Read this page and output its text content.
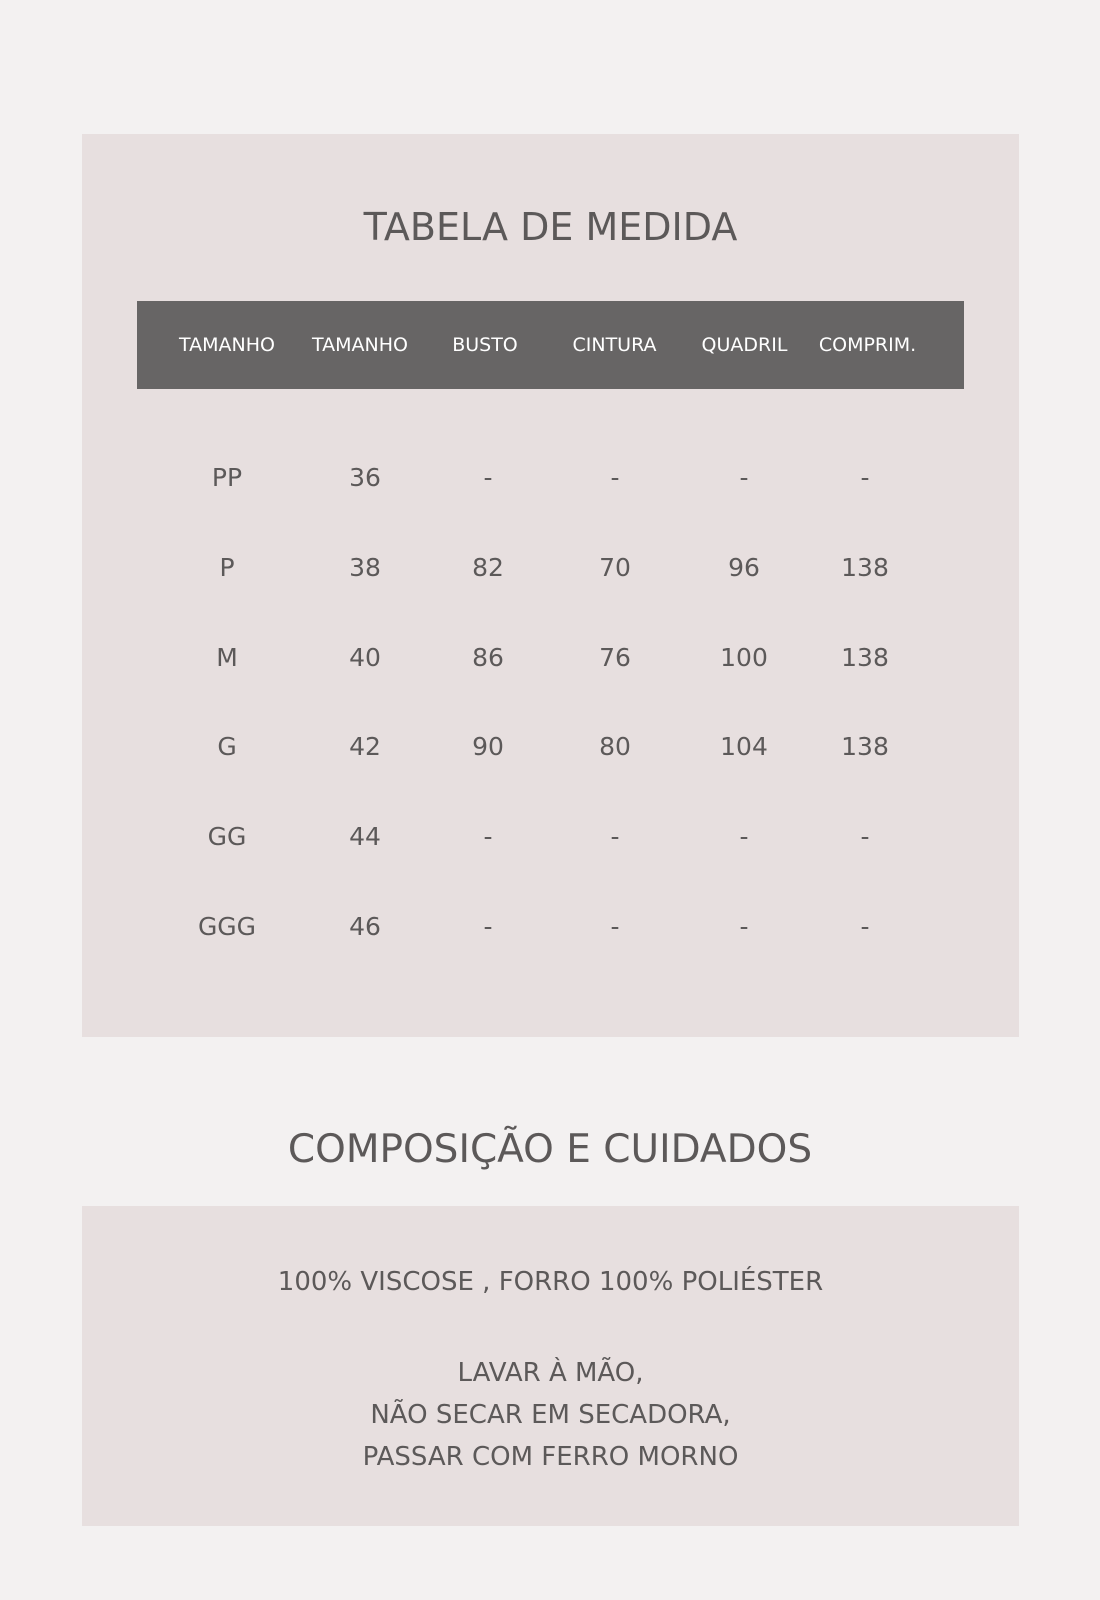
TABELA DE MEDIDA
TAMANHO	TAMANHO	BUSTO	CINTURA	QUADRIL	COMPRIM.
PP	36	-	-	-	-
P	38	82	70	96	138
M	40	86	76	100	138
G	42	90	80	104	138
GG	44	-	-	-	-
GGG	46	-	-	-	-
COMPOSIÇÃO E CUIDADOS
100% VISCOSE , FORRO 100% POLIÉSTER
LAVAR À MÃO,
NÃO SECAR EM SECADORA,
PASSAR COM FERRO MORNO
